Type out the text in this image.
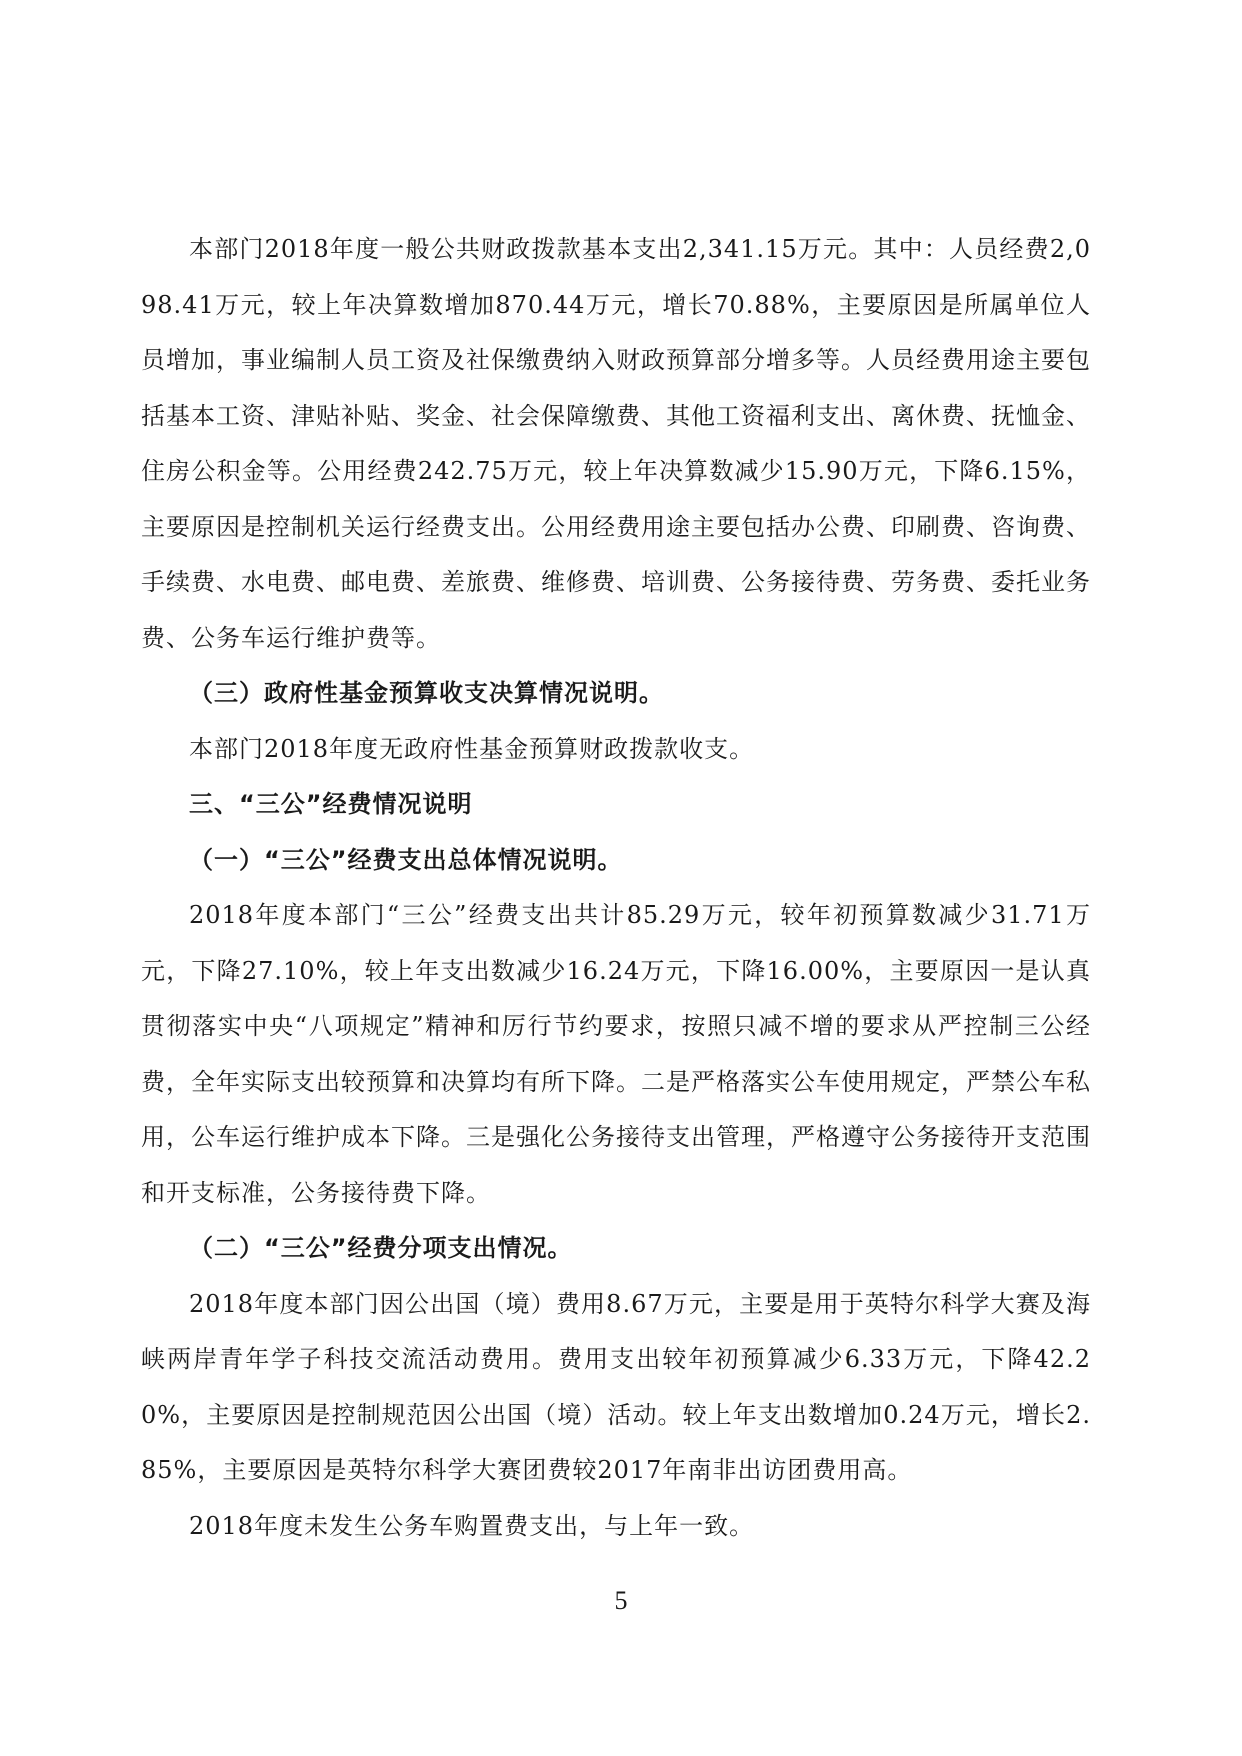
本部门2018年度一般公共财政拨款基本支出2,341.15万元。其中：人员经费2,098.41万元，较上年决算数增加870.44万元，增长70.88%，主要原因是所属单位人员增加，事业编制人员工资及社保缴费纳入财政预算部分增多等。人员经费用途主要包括基本工资、津贴补贴、奖金、社会保障缴费、其他工资福利支出、离休费、抚恤金、住房公积金等。公用经费242.75万元，较上年决算数减少15.90万元，下降6.15%，主要原因是控制机关运行经费支出。公用经费用途主要包括办公费、印刷费、咨询费、手续费、水电费、邮电费、差旅费、维修费、培训费、公务接待费、劳务费、委托业务费、公务车运行维护费等。

（三）政府性基金预算收支决算情况说明。

本部门2018年度无政府性基金预算财政拨款收支。

三、“三公”经费情况说明

（一）“三公”经费支出总体情况说明。

2018年度本部门“三公”经费支出共计85.29万元，较年初预算数减少31.71万元，下降27.10%，较上年支出数减少16.24万元，下降16.00%，主要原因一是认真贯彻落实中央“八项规定”精神和厉行节约要求，按照只减不增的要求从严控制三公经费，全年实际支出较预算和决算均有所下降。二是严格落实公车使用规定，严禁公车私用，公车运行维护成本下降。三是强化公务接待支出管理，严格遵守公务接待开支范围和开支标准，公务接待费下降。

（二）“三公”经费分项支出情况。

2018年度本部门因公出国（境）费用8.67万元，主要是用于英特尔科学大赛及海峡两岸青年学子科技交流活动费用。费用支出较年初预算减少6.33万元，下降42.20%，主要原因是控制规范因公出国（境）活动。较上年支出数增加0.24万元，增长2.85%，主要原因是英特尔科学大赛团费较2017年南非出访团费用高。

2018年度未发生公务车购置费支出，与上年一致。

5
